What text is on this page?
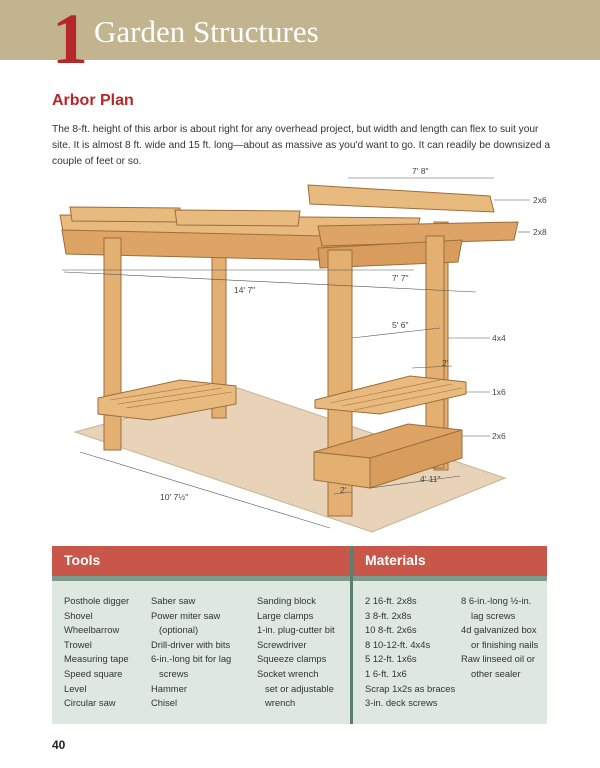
1 Garden Structures
Arbor Plan
The 8-ft. height of this arbor is about right for any overhead project, but width and length can flex to suit your site. It is almost 8 ft. wide and 15 ft. long—about as massive as you'd want to go. It can readily be downsized a couple of feet or so.
7' 8"
7' 7"
14' 7"
5' 6"
2'
4' 11"
2'
10' 7½"
2x6
2x8
4x4
1x6
2x6
Tools	Materials
Posthole digger
Shovel
Wheelbarrow
Trowel
Measuring tape
Speed square
Level
Circular saw
Saber saw
Power miter saw
(optional)
Drill-driver with bits
6-in.-long bit for lag
screws
Hammer
Chisel
Sanding block
Large clamps
1-in. plug-cutter bit
Screwdriver
Squeeze clamps
Socket wrench
set or adjustable
wrench
2 16-ft. 2x8s
3 8-ft. 2x8s
10 8-ft. 2x6s
8 10-12-ft. 4x4s
5 12-ft. 1x6s
1 6-ft. 1x6
Scrap 1x2s as braces
3-in. deck screws
8 6-in.-long ½-in.
lag screws
4d galvanized box
or finishing nails
Raw linseed oil or
other sealer
40
